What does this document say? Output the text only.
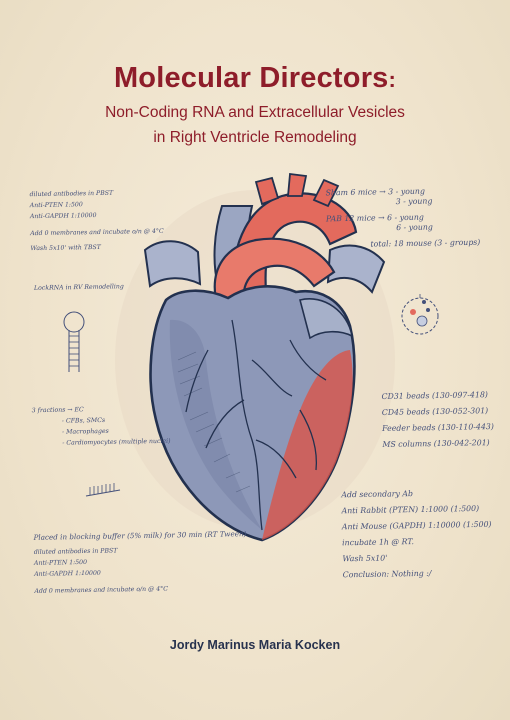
Molecular Directors:
Non-Coding RNA and Extracellular Vesicles
in Right Ventricle Remodeling
diluted antibodies in PBST
Anti-PTEN 1:500
Anti-GAPDH 1:10000
Add 0 membranes and incubate o/n @ 4°C
Wash 5x10' with TBST
LockRNA in RV Remodelling
3 fractions → EC
- CFBs, SMCs
- Macrophages
- Cardiomyocytes (multiple nuclei)
Sham 6 mice → 3 - young
3 - young
PAB 12 mice → 6 - young
6 - young
total: 18 mouse (3 - groups)
CD31 beads (130-097-418)
CD45 beads (130-052-301)
Feeder beads (130-110-443)
MS columns (130-042-201)
Add secondary Ab
Anti Rabbit (PTEN) 1:1000 (1:500)
Anti Mouse (GAPDH) 1:10000 (1:500)
incubate 1h @ RT.
Wash 5x10'
Conclusion: Nothing :/
Placed in blocking buffer (5% milk) for 30 min (RT Tween)
diluted antibodies in PBST
Anti-PTEN 1:500
Anti-GAPDH 1:10000
Add 0 membranes and incubate o/n @ 4°C
Jordy Marinus Maria Kocken
